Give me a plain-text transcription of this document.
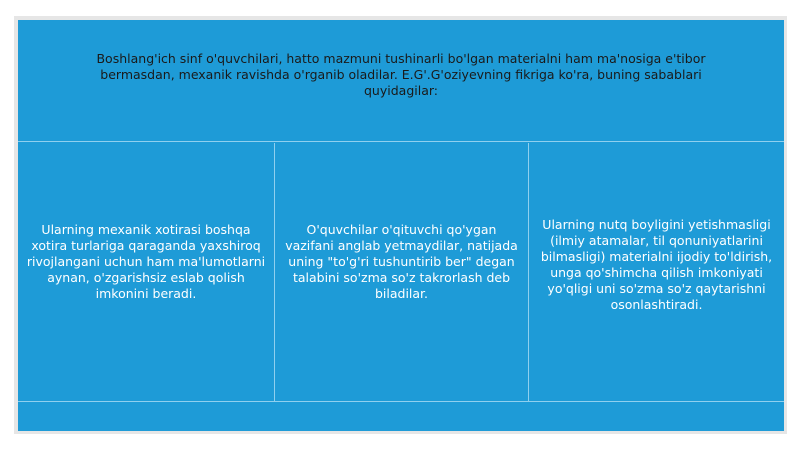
Boshlang'ich sinf o'quvchilari, hatto mazmuni tushinarli bo'lgan materialni ham ma'nosiga e'tibor bermasdan, mexanik ravishda o'rganib oladilar. E.G'.G'oziyevning fikriga ko'ra, buning sabablari quyidagilar:

Ularning mexanik xotirasi boshqa xotira turlariga qaraganda yaxshiroq rivojlangani uchun ham ma'lumotlarni aynan, o'zgarishsiz eslab qolish imkonini beradi.

O'quvchilar o'qituvchi qo'ygan vazifani anglab yetmaydilar, natijada uning "to'g'ri tushuntirib ber" degan talabini so'zma so'z takrorlash deb biladilar.

Ularning nutq boyligini yetishmasligi (ilmiy atamalar, til qonuniyatlarini bilmasligi) materialni ijodiy to'ldirish, unga qo'shimcha qilish imkoniyati yo'qligi uni so'zma so'z qaytarishni osonlashtiradi.
